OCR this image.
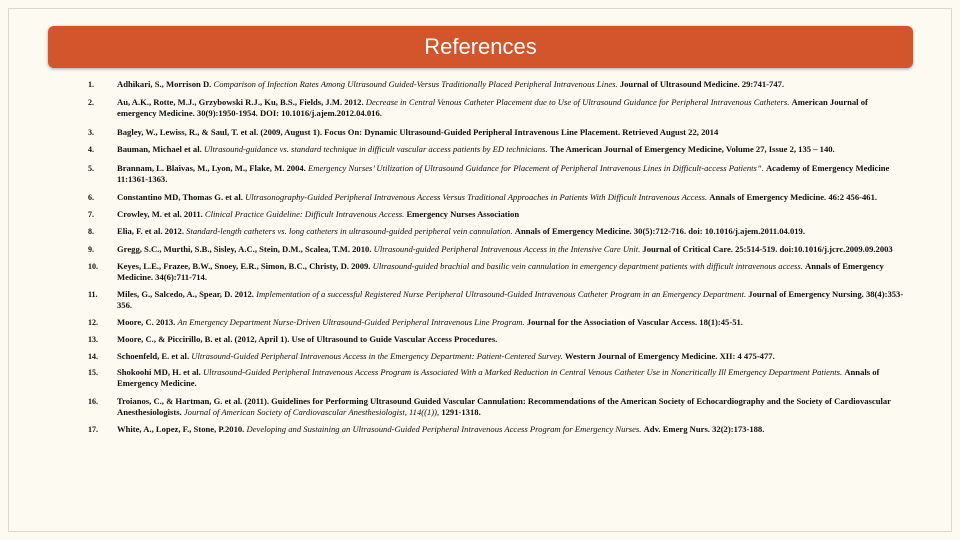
References
1.	Adhikari, S., Morrison D. Comparison of Infection Rates Among Ultrasound Guided-Versus Traditionally Placed Peripheral Intravenous Lines. Journal of Ultrasound Medicine. 29:741-747.
2.	Au, A.K., Rotte, M.J., Grzybowski R.J., Ku, B.S., Fields, J.M. 2012. Decrease in Central Venous Catheter Placement due to Use of Ultrasound Guidance for Peripheral Intravenous Catheters. American Journal of emergency Medicine. 30(9):1950-1954. DOI: 10.1016/j.ajem.2012.04.016.
3.	Bagley, W., Lewiss, R., & Saul, T. et al. (2009, August 1). Focus On: Dynamic Ultrasound-Guided Peripheral Intravenous Line Placement. Retrieved August 22, 2014
4.	Bauman, Michael et al. Ultrasound-guidance vs. standard technique in difficult vascular access patients by ED technicians. The American Journal of Emergency Medicine, Volume 27, Issue 2, 135 – 140.
5.	Brannam, L. Blaivas, M., Lyon, M., Flake, M. 2004. Emergency Nurses’ Utilization of Ultrasound Guidance for Placement of Peripheral Intravenous Lines in Difficult-access Patients”. Academy of Emergency Medicine 11:1361-1363.
6.	Constantino MD, Thomas G. et al. Ultrasonography-Guided Peripheral Intravenous Access Versus Traditional Approaches in Patients With Difficult Intravenous Access. Annals of Emergency Medicine. 46:2 456-461.
7.	Crowley, M. et al. 2011. Clinical Practice Guideline: Difficult Intravenous Access. Emergency Nurses Association
8.	Elia, F. et al. 2012. Standard-length catheters vs. long catheters in ultrasound-guided peripheral vein cannulation. Annals of Emergency Medicine. 30(5):712-716. doi: 10.1016/j.ajem.2011.04.019.
9.	Gregg, S.C., Murthi, S.B., Sisley, A.C., Stein, D.M., Scalea, T.M. 2010. Ultrasound-guided Peripheral Intravenous Access in the Intensive Care Unit. Journal of Critical Care. 25:514-519. doi:10.1016/j.jcrc.2009.09.2003
10. Keyes, L.E., Frazee, B.W., Snoey, E.R., Simon, B.C., Christy, D. 2009. Ultrasound-guided brachial and basilic vein cannulation in emergency department patients with difficult intravenous access. Annals of Emergency Medicine. 34(6):711-714.
11. Miles, G., Salcedo, A., Spear, D. 2012. Implementation of a successful Registered Nurse Peripheral Ultrasound-Guided Intravenous Catheter Program in an Emergency Department. Journal of Emergency Nursing. 38(4):353-356.
12. Moore, C. 2013. An Emergency Department Nurse-Driven Ultrasound-Guided Peripheral Intravenous Line Program. Journal for the Association of Vascular Access. 18(1):45-51.
13. Moore, C., & Piccirillo, B. et al. (2012, April 1). Use of Ultrasound to Guide Vascular Access Procedures.
14. Schoenfeld, E. et al. Ultrasound-Guided Peripheral Intravenous Access in the Emergency Department: Patient-Centered Survey. Western Journal of Emergency Medicine. XII: 4 475-477.
15. Shokoohi MD, H. et al. Ultrasound-Guided Peripheral Intravenous Access Program is Associated With a Marked Reduction in Central Venous Catheter Use in Noncritically Ill Emergency Department Patients. Annals of Emergency Medicine.
16. Troianos, C., & Hartman, G. et al. (2011). Guidelines for Performing Ultrasound Guided Vascular Cannulation: Recommendations of the American Society of Echocardiography and the Society of Cardiovascular Anesthesiologists. Journal of American Society of Cardiovascular Anesthesiologist, 114((1)), 1291-1318.
17. White, A., Lopez, F., Stone, P.2010. Developing and Sustaining an Ultrasound-Guided Peripheral Intravenous Access Program for Emergency Nurses. Adv. Emerg Nurs. 32(2):173-188.
